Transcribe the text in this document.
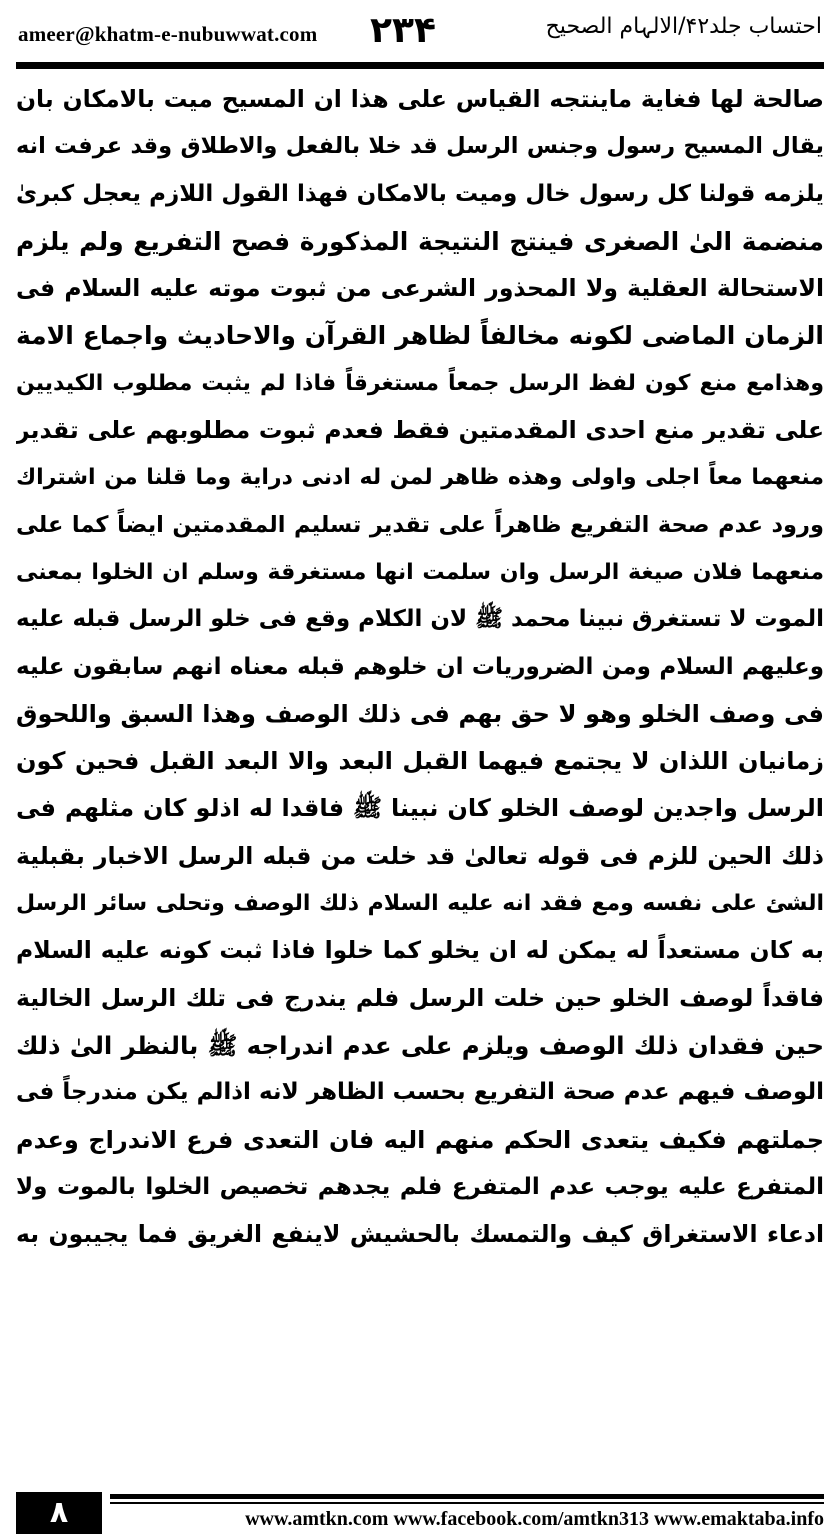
ameer@khatm-e-nubuwwat.com ۲۳۴	احتساب جلد۴۲/الالہام الصحیح
صالحة لها فغاية ماينتجه القياس على هذا ان المسيح ميت بالامكان بان
يقال المسيح رسول وجنس الرسل قد خلا بالفعل والاطلاق وقد عرفت انه
يلزمه قولنا كل رسول خال وميت بالامكان فهذا القول اللازم يعجل كبرىٰ
منضمة الىٰ الصغرى فينتج النتيجة المذكورة فصح التفريع ولم يلزم
الاستحالة العقلية ولا المحذور الشرعى من ثبوت موته عليه السلام فى
الزمان الماضى لكونه مخالفاً لظاهر القرآن والاحاديث واجماع الامة
وهذامع منع كون لفظ الرسل جمعاً مستغرقاً فاذا لم يثبت مطلوب الكيديين
على تقدير منع احدى المقدمتين فقط فعدم ثبوت مطلوبهم على تقدير
منعهما معاً اجلى واولى وهذه ظاهر لمن له ادنى دراية وما قلنا من اشتراك
ورود عدم صحة التفريع ظاهراً على تقدير تسليم المقدمتين ايضاً كما على
منعهما فلان صيغة الرسل وان سلمت انها مستغرقة وسلم ان الخلوا بمعنى
الموت لا تستغرق نبينا محمد ﷺ لان الكلام وقع فى خلو الرسل قبله عليه
وعليهم السلام ومن الضروريات ان خلوهم قبله معناه انهم سابقون عليه
فى وصف الخلو وهو لا حق بهم فى ذلك الوصف وهذا السبق واللحوق
زمانيان اللذان لا يجتمع فيهما القبل البعد والا البعد القبل فحين كون
الرسل واجدين لوصف الخلو كان نبينا ﷺ فاقدا له اذلو كان مثلهم فى
ذلك الحين للزم فى قوله تعالىٰ قد خلت من قبله الرسل الاخبار بقبلية
الشئ على نفسه ومع فقد انه عليه السلام ذلك الوصف وتحلى سائر الرسل
به كان مستعداً له يمكن له ان يخلو كما خلوا فاذا ثبت كونه عليه السلام
فاقداً لوصف الخلو حين خلت الرسل فلم يندرج فى تلك الرسل الخالية
حين فقدان ذلك الوصف ويلزم على عدم اندراجه ﷺ بالنظر الىٰ ذلك
الوصف فيهم عدم صحة التفريع بحسب الظاهر لانه اذالم يكن مندرجاً فى
جملتهم فكيف يتعدى الحكم منهم اليه فان التعدى فرع الاندراج وعدم
المتفرع عليه يوجب عدم المتفرع فلم يجدهم تخصيص الخلوا بالموت ولا
ادعاء الاستغراق كيف والتمسك بالحشيش لاينفع الغريق فما يجيبون به
۸	www.amtkn.com www.facebook.com/amtkn313 www.emaktaba.info
